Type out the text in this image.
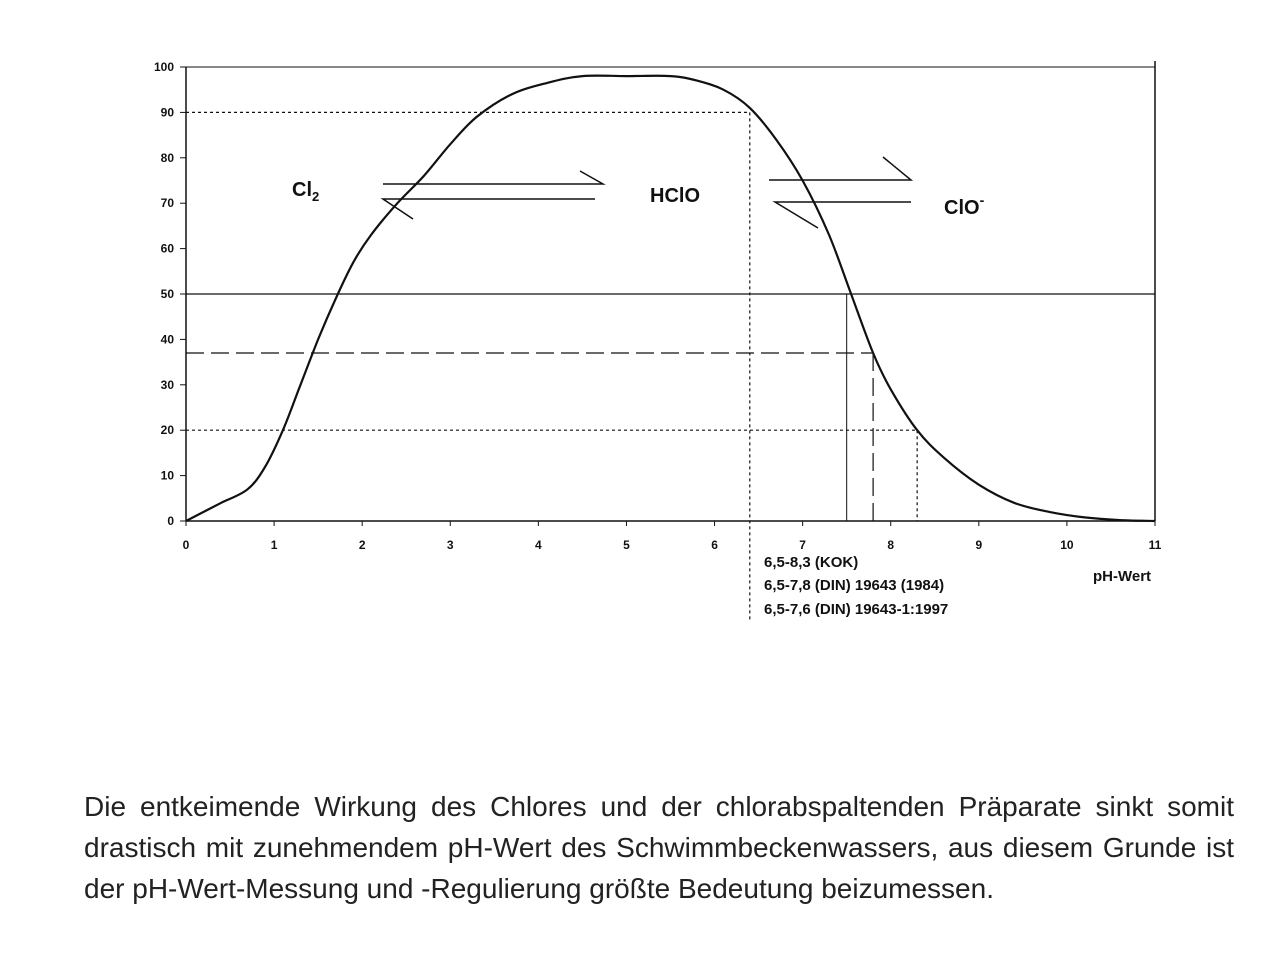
0
10
20
30
40
50
60
70
80
90
100
0	1	2	3	4	5	6	7	8	9	10	11
$Cl_2$	HClO
ClO-
pH-Wert
6,5-8,3 (KOK)
6,5-7,8 (DIN) 19643 (1984)
6,5-7,6 (DIN) 19643-1:1997

Die entkeimende Wirkung des Chlores und der chlorabspaltenden Präparate sinkt somit drastisch mit zunehmendem pH-Wert des Schwimmbeckenwassers, aus diesem Grunde ist der pH-Wert-Messung und -Regulierung größte Bedeutung beizumessen.
